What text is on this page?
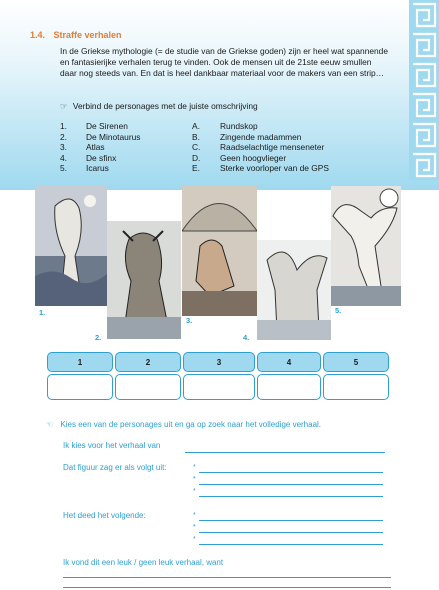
1.4. Straffe verhalen
In de Griekse mythologie (= de studie van de Griekse goden) zijn er heel wat spannende en fantasierijke verhalen terug te vinden. Ook de mensen uit de 21ste eeuw smullen daar nog steeds van. En dat is heel dankbaar materiaal voor de makers van een strip…
☞ Verbind de personages met de juiste omschrijving
1.	De Sirenen	A.	Rundskop
2.	De Minotaurus	B.	Zingende madammen
3.	Atlas	C.	Raadselachtige menseneter
4.	De sfinx	D.	Geen hoogvlieger
5.	Icarus	E.	Sterke voorloper van de GPS
1.
2.
3.
4.
5.
1	2	3	4	5
☜ Kies een van de personages uit en ga op zoek naar het volledige verhaal.
Ik kies voor het verhaal van
Dat figuur zag er als volgt uit:	*
*
*
Het deed het volgende:	*
*
*
Ik vond dit een leuk / geen leuk verhaal, want
